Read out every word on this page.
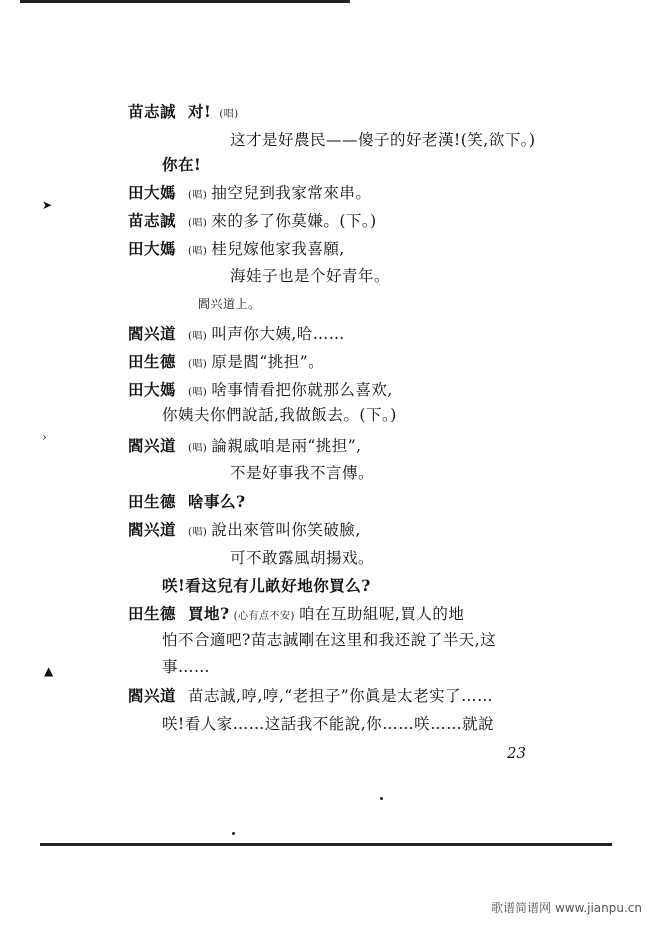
苗志誠 对! (唱)
这才是好農民——傻子的好老漢!(笑,欲下。)
你在!
田大媽 (唱) 抽空兒到我家常來串。
苗志誠 (唱) 來的多了你莫嫌。(下。)
田大媽 (唱) 桂兒嫁他家我喜願,
海娃子也是个好青年。
閻兴道上。
閻兴道 (唱) 叫声你大姨,哈……
田生德 (唱) 原是閻“挑担”。
田大媽 (唱) 啥事情看把你就那么喜欢,
你姨夫你們說話,我做飯去。(下。)
閻兴道 (唱) 論親戚咱是兩“挑担”,
不是好事我不言傳。
田生德 啥事么?
閻兴道 (唱) 說出來管叫你笑破臉,
可不敢露風胡揚戏。
咲!看这兒有儿畝好地你買么?
田生德 買地? (心有点不安) 咱在互助組呢,買人的地
怕不合適吧?苗志誠剛在这里和我还說了半天,这
事……
閻兴道 苗志誠,哼,哼,“老担子”你眞是太老实了……
咲!看人家……这話我不能說,你……咲……就說
23
➤
›
▲
歌谱简谱网 www.jianpu.cn
